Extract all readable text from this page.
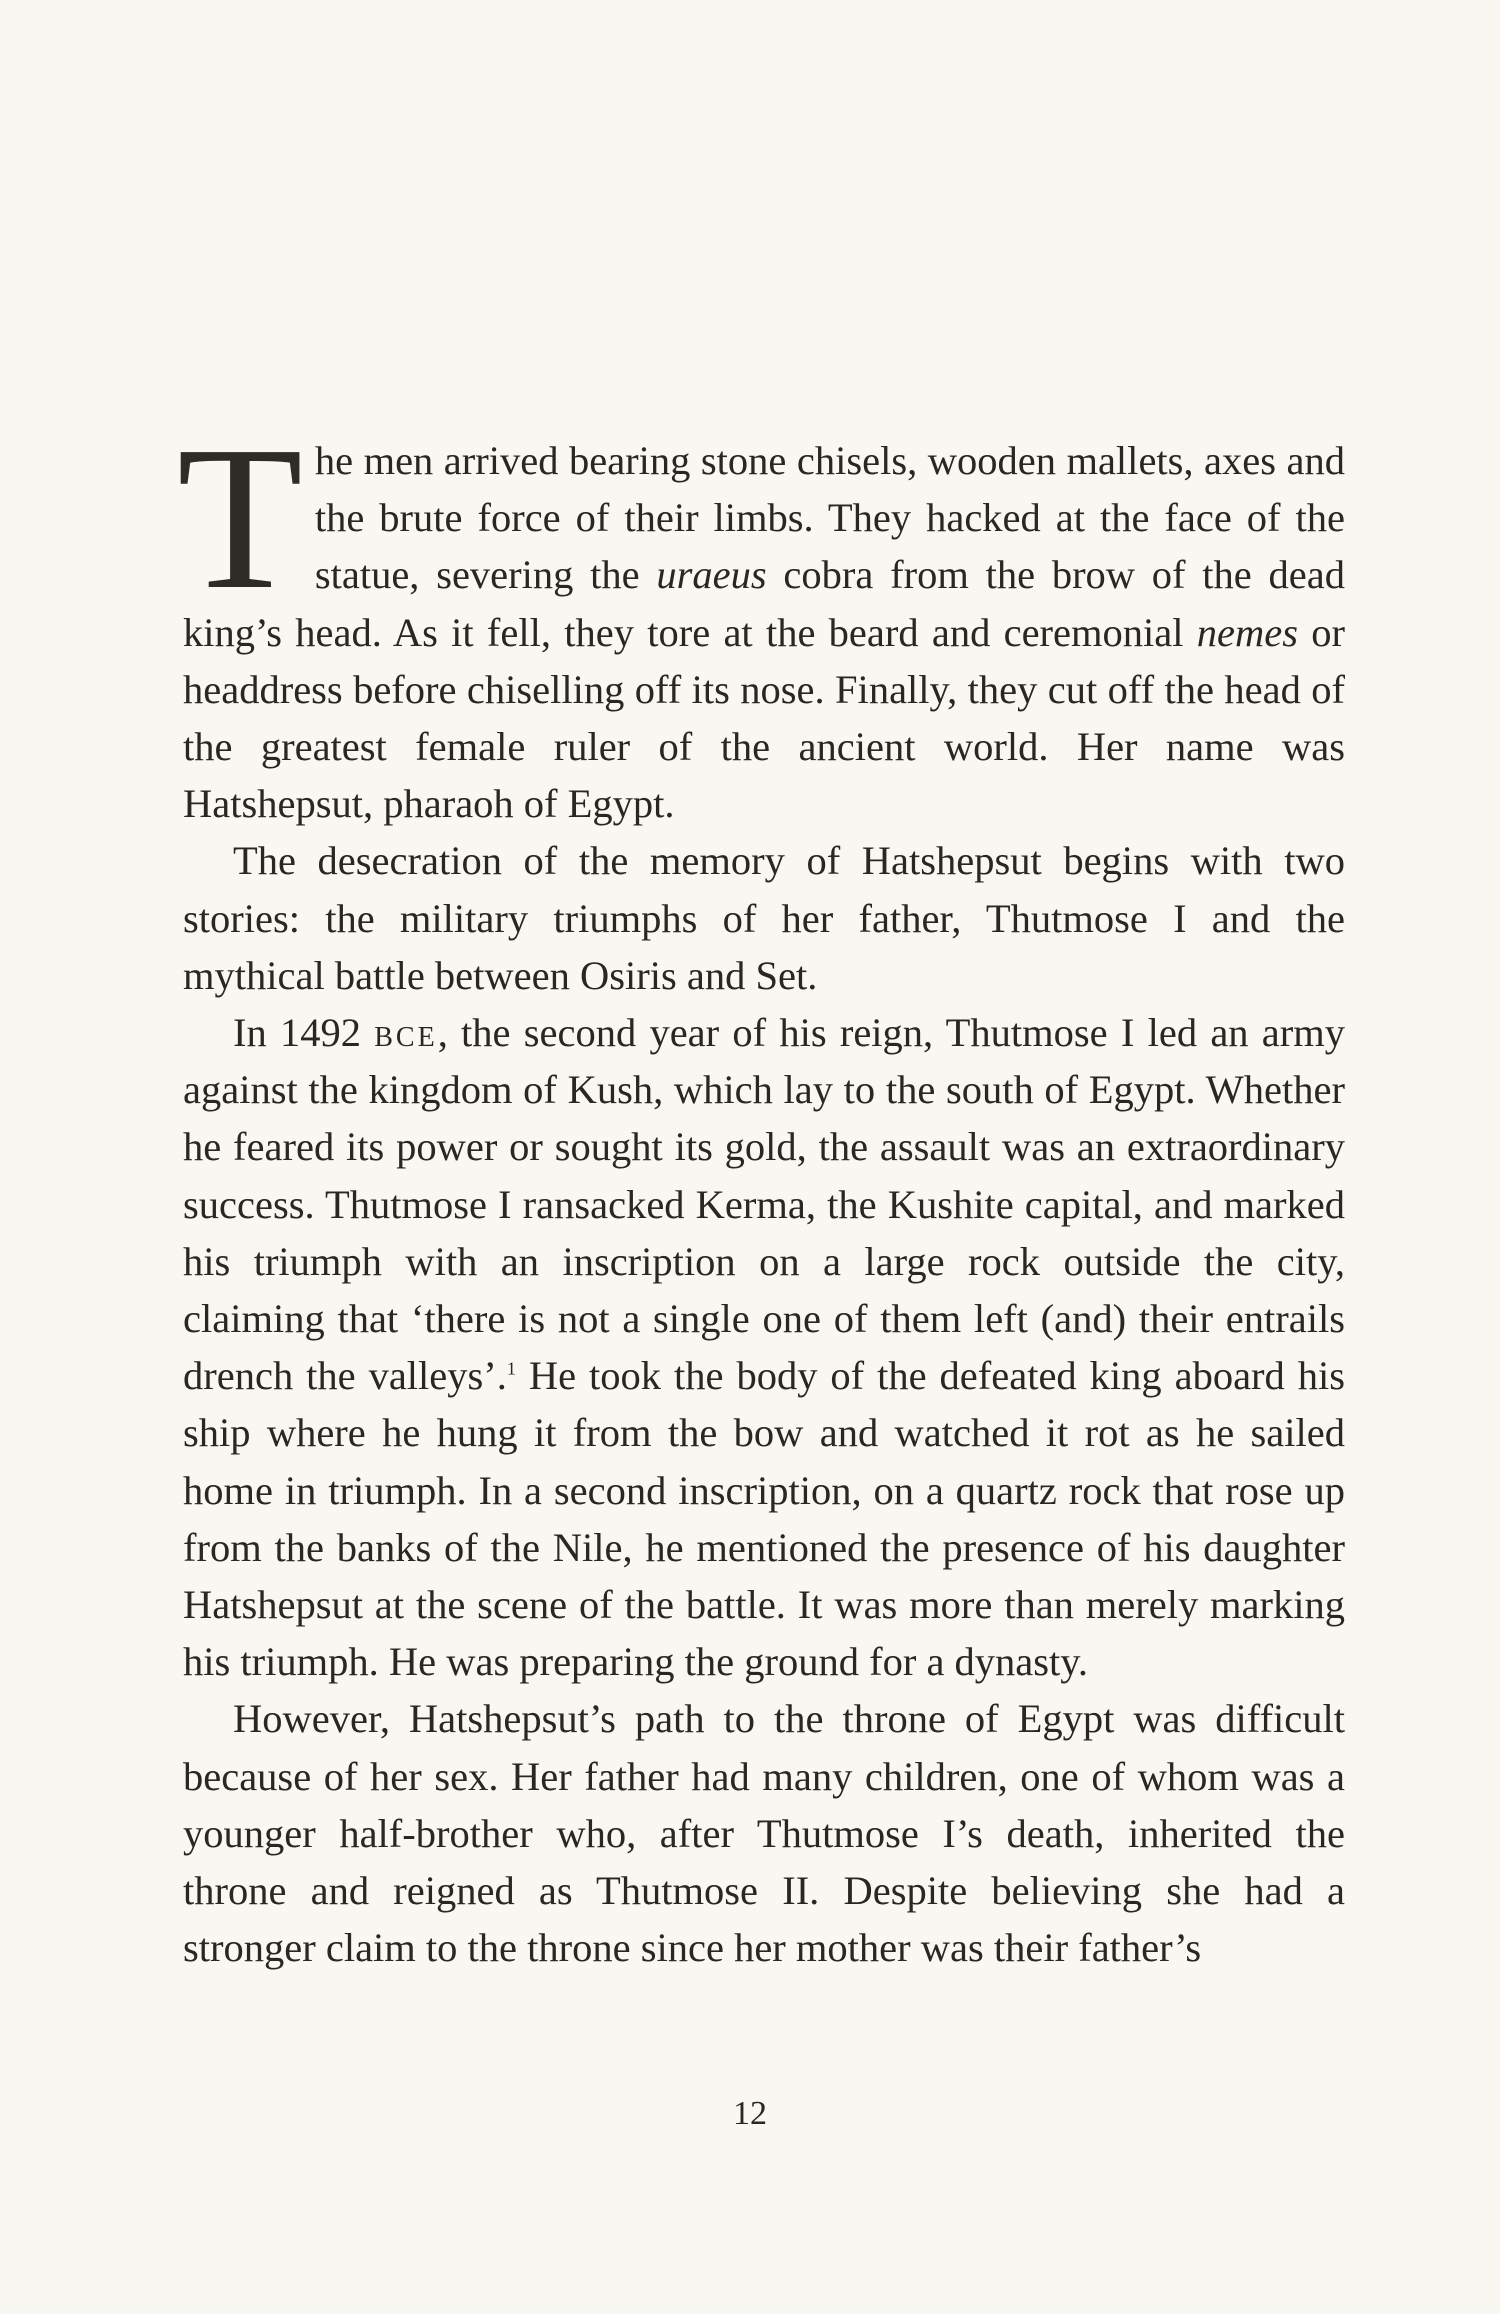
The men arrived bearing stone chisels, wooden mallets, axes and the brute force of their limbs. They hacked at the face of the statue, severing the uraeus cobra from the brow of the dead king’s head. As it fell, they tore at the beard and ceremonial nemes or headdress before chiselling off its nose. Finally, they cut off the head of the greatest female ruler of the ancient world. Her name was Hatshepsut, pharaoh of Egypt.

The desecration of the memory of Hatshepsut begins with two stories: the military triumphs of her father, Thutmose I and the mythical battle between Osiris and Set.

In 1492 bce, the second year of his reign, Thutmose I led an army against the kingdom of Kush, which lay to the south of Egypt. Whether he feared its power or sought its gold, the assault was an extraordinary success. Thutmose I ransacked Kerma, the Kushite capital, and marked his triumph with an inscription on a large rock outside the city, claiming that ‘there is not a single one of them left (and) their entrails drench the valleys’.$^1$ He took the body of the defeated king aboard his ship where he hung it from the bow and watched it rot as he sailed home in triumph. In a second inscription, on a quartz rock that rose up from the banks of the Nile, he mentioned the presence of his daughter Hatshepsut at the scene of the battle. It was more than merely marking his triumph. He was preparing the ground for a dynasty.

However, Hatshepsut’s path to the throne of Egypt was difficult because of her sex. Her father had many children, one of whom was a younger half-brother who, after Thutmose I’s death, inherited the throne and reigned as Thutmose II. Despite believing she had a stronger claim to the throne since her mother was their father’s

12
